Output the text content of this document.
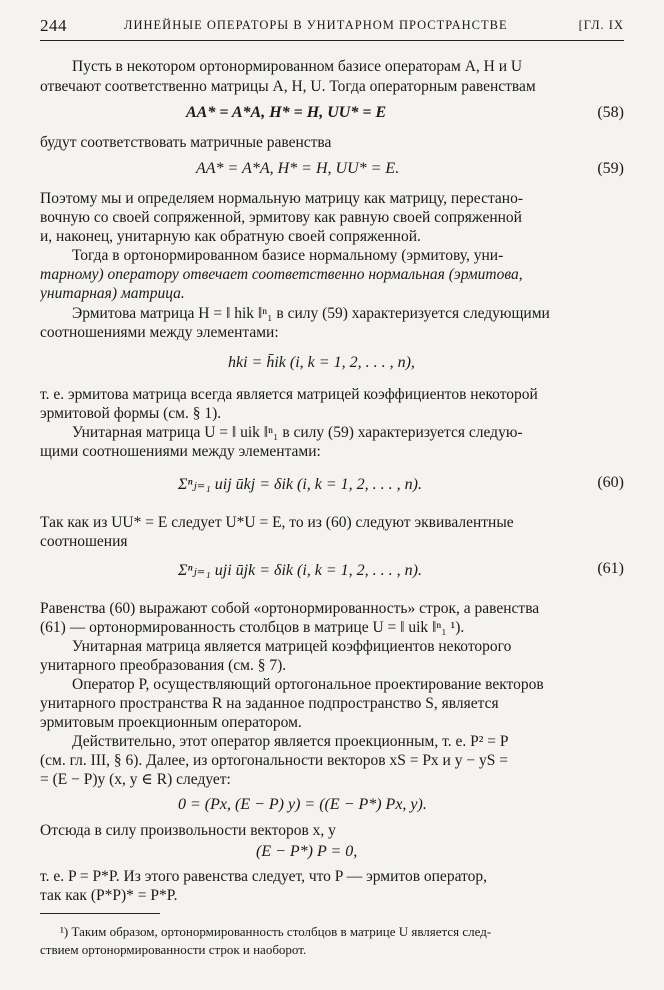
244	ЛИНЕЙНЫЕ ОПЕРАТОРЫ В УНИТАРНОМ ПРОСТРАНСТВЕ	[ГЛ. IX
Пусть в некотором ортонормированном базисе операторам A, H и U
отвечают соответственно матрицы A, H, U. Тогда операторным равенствам
AA* = A*A, H* = H, UU* = E	(58)
будут соответствовать матричные равенства
AA* = A*A, H* = H, UU* = E.	(59)
Поэтому мы и определяем нормальную матрицу как матрицу, перестано-
вочную со своей сопряженной, эрмитову как равную своей сопряженной
и, наконец, унитарную как обратную своей сопряженной.
Тогда в ортонормированном базисе нормальному (эрмитову, уни-
тарному) оператору отвечает соответственно нормальная (эрмитова,
унитарная) матрица.
Эрмитова матрица H = ‖ hik ‖ⁿ₁ в силу (59) характеризуется следующими
соотношениями между элементами:
hki = h̄ik (i, k = 1, 2, . . . , n),
т. е. эрмитова матрица всегда является матрицей коэффициентов некоторой
эрмитовой формы (см. § 1).
Унитарная матрица U = ‖ uik ‖ⁿ₁ в силу (59) характеризуется следую-
щими соотношениями между элементами:
Σⁿⱼ₌₁ uij ūkj = δik (i, k = 1, 2, . . . , n).	(60)
Так как из UU* = E следует U*U = E, то из (60) следуют эквивалентные
соотношения
Σⁿⱼ₌₁ uji ūjk = δik (i, k = 1, 2, . . . , n).	(61)
Равенства (60) выражают собой «ортонормированность» строк, а равенства
(61) — ортонормированность столбцов в матрице U = ‖ uik ‖ⁿ₁ ¹).
Унитарная матрица является матрицей коэффициентов некоторого
унитарного преобразования (см. § 7).
Оператор P, осуществляющий ортогональное проектирование векторов
унитарного пространства R на заданное подпространство S, является
эрмитовым проекционным оператором.
Действительно, этот оператор является проекционным, т. е. P² = P
(см. гл. III, § 6). Далее, из ортогональности векторов xS = Px и y − yS =
= (E − P)y (x, y ∈ R) следует:
0 = (Px, (E − P) y) = ((E − P*) Px, y).
Отсюда в силу произвольности векторов x, y
(E − P*) P = 0,
т. е. P = P*P. Из этого равенства следует, что P — эрмитов оператор,
так как (P*P)* = P*P.
¹) Таким образом, ортонормированность столбцов в матрице U является след-
ствием ортонормированности строк и наоборот.
